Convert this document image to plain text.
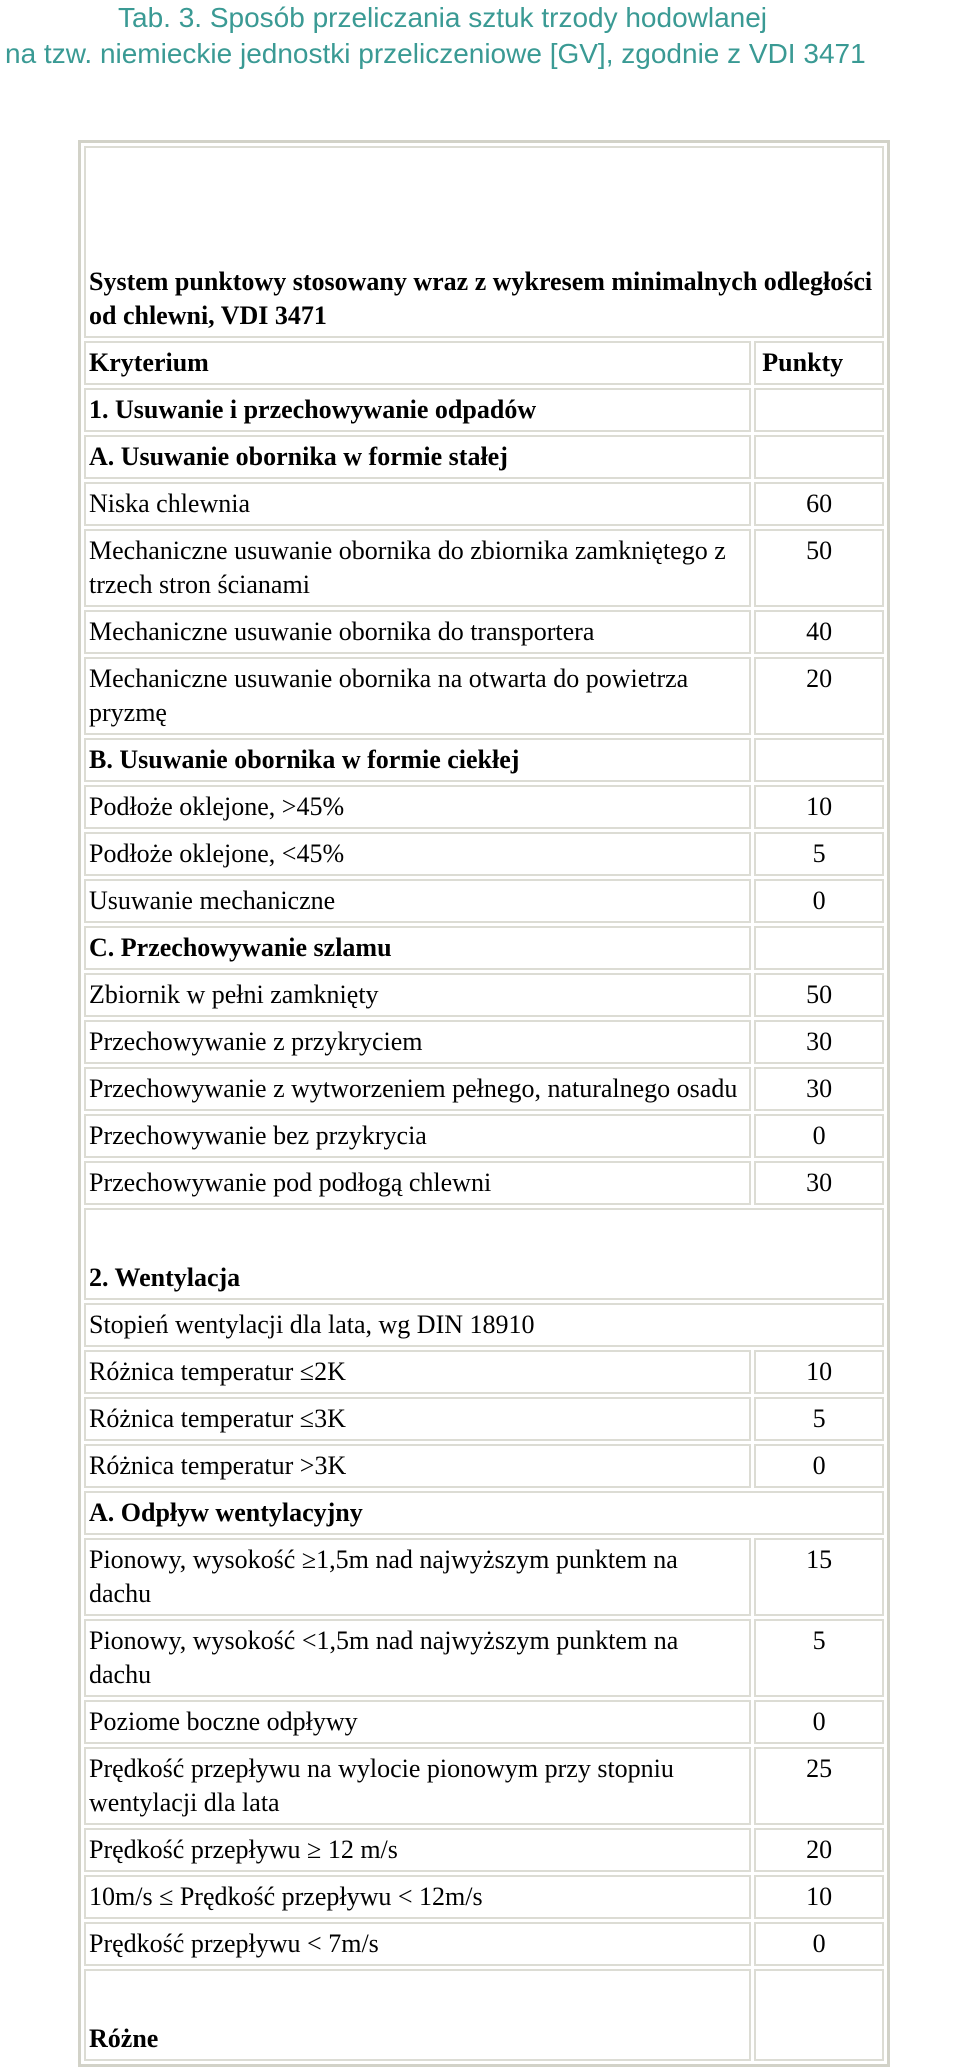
Tab. 3. Sposób przeliczania sztuk trzody hodowlanej
na tzw. niemieckie jednostki przeliczeniowe [GV], zgodnie z VDI 3471
System punktowy stosowany wraz z wykresem minimalnych odległości od chlewni, VDI 3471	
Kryterium	Punkty
1. Usuwanie i przechowywanie odpadów	
A. Usuwanie obornika w formie stałej	
Niska chlewnia	60
Mechaniczne usuwanie obornika do zbiornika zamkniętego z trzech stron ścianami	50
Mechaniczne usuwanie obornika do transportera	40
Mechaniczne usuwanie obornika na otwarta do powietrza pryzmę	20
B. Usuwanie obornika w formie ciekłej	
Podłoże oklejone, >45%	10
Podłoże oklejone, <45%	5
Usuwanie mechaniczne	0
C. Przechowywanie szlamu	
Zbiornik w pełni zamknięty	50
Przechowywanie z przykryciem	30
Przechowywanie z wytworzeniem pełnego, naturalnego osadu	30
Przechowywanie bez przykrycia	0
Przechowywanie pod podłogą chlewni	30
2. Wentylacja	
Stopień wentylacji dla lata, wg DIN 18910	
Różnica temperatur ≤2K	10
Różnica temperatur ≤3K	5
Różnica temperatur >3K	0
A. Odpływ wentylacyjny	
Pionowy, wysokość ≥1,5m nad najwyższym punktem na dachu	15
Pionowy, wysokość <1,5m nad najwyższym punktem na dachu	5
Poziome boczne odpływy	0
Prędkość przepływu na wylocie pionowym przy stopniu wentylacji dla lata	25
Prędkość przepływu ≥ 12 m/s	20
10m/s ≤ Prędkość przepływu < 12m/s	10
Prędkość przepływu < 7m/s	0
Różne	
